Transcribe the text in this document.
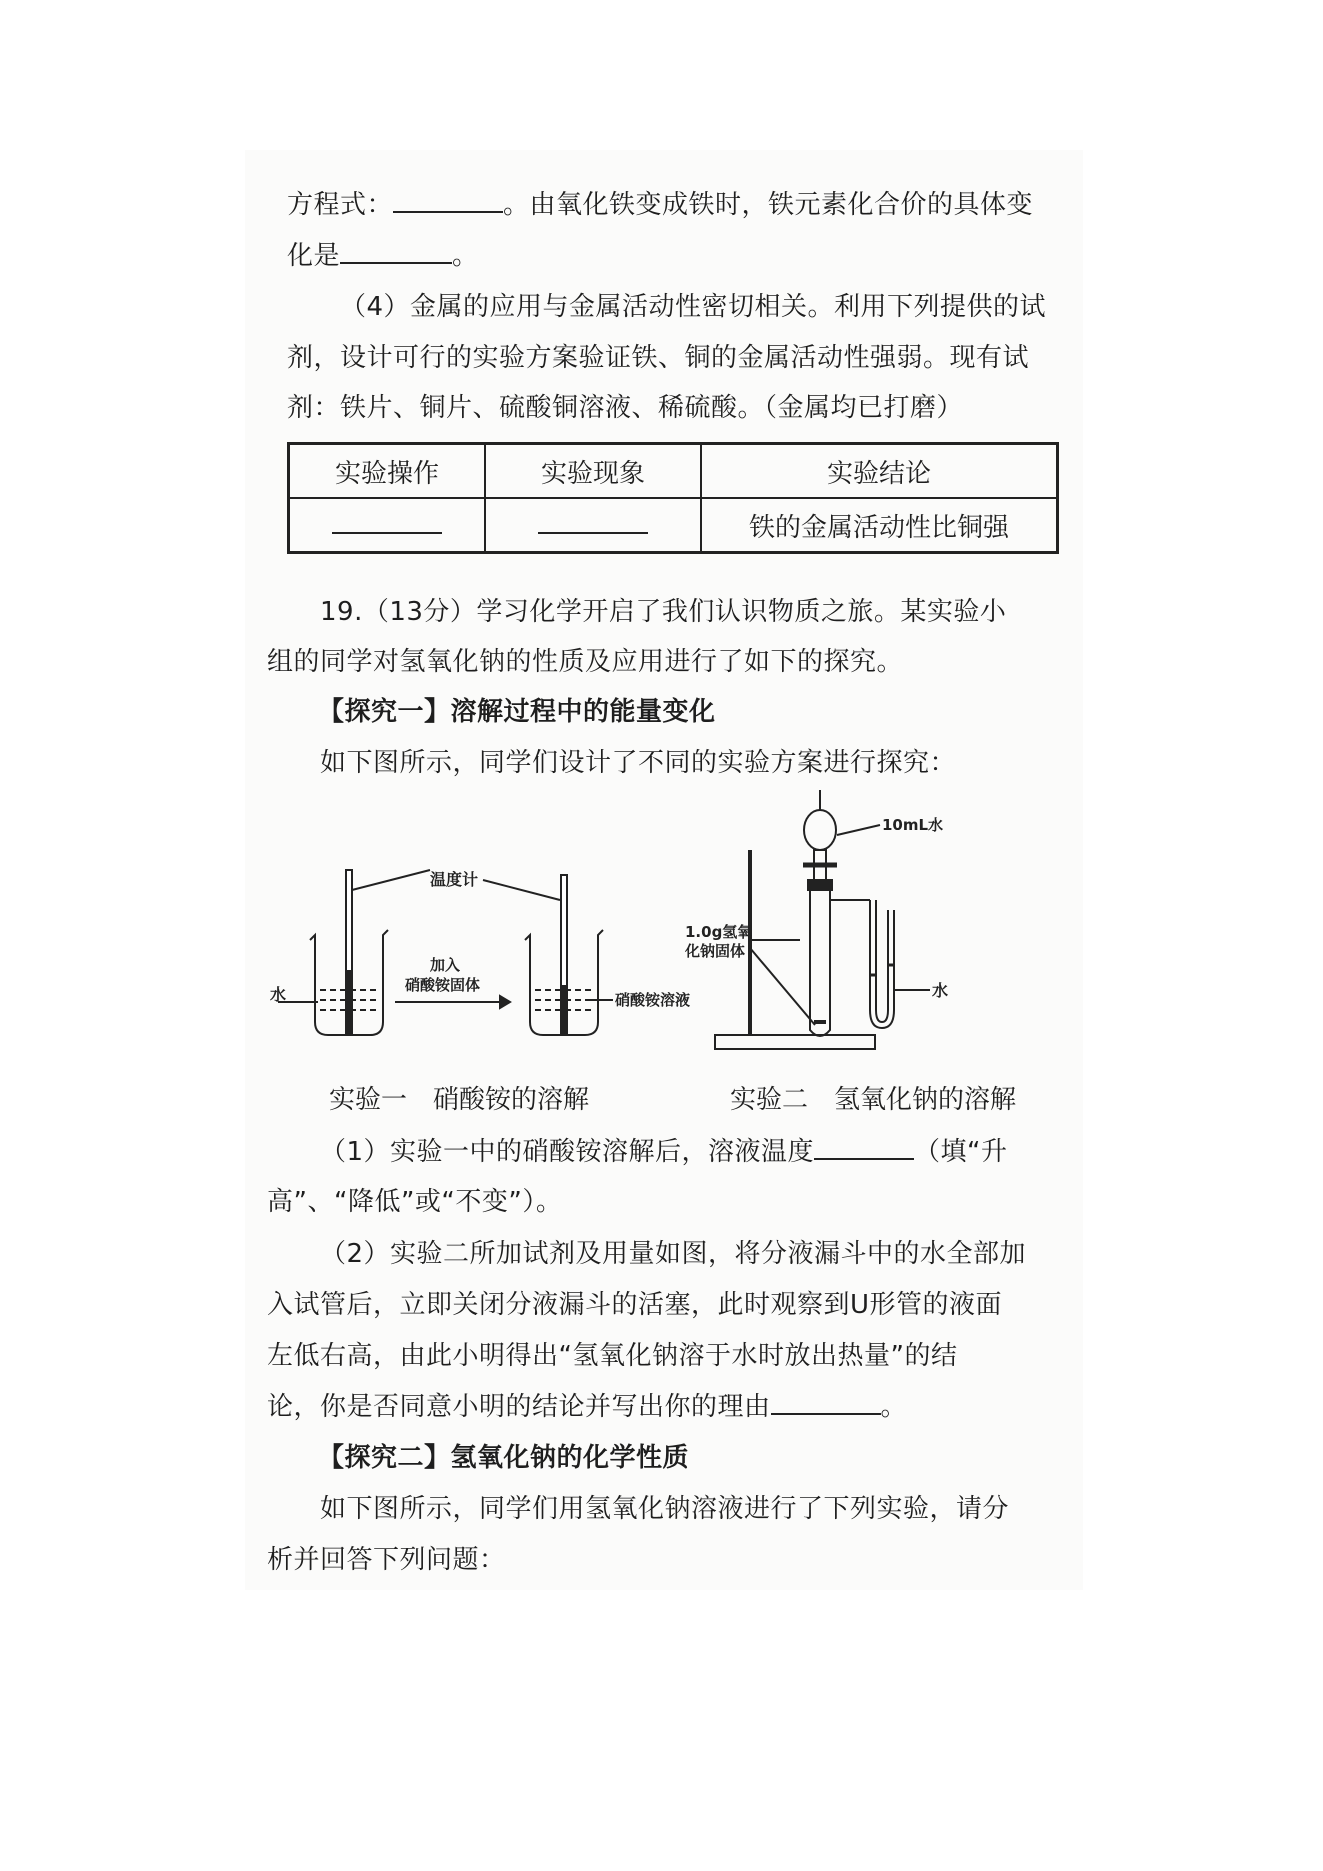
方程式：	。由氧化铁变成铁时，铁元素化合价的具体变
化是	。
（4）金属的应用与金属活动性密切相关。利用下列提供的试
剂，设计可行的实验方案验证铁、铜的金属活动性强弱。现有试
剂：铁片、铜片、硫酸铜溶液、稀硫酸。（金属均已打磨）
实验操作	实验现象	实验结论
		铁的金属活动性比铜强
19.（13分）学习化学开启了我们认识物质之旅。某实验小
组的同学对氢氧化钠的性质及应用进行了如下的探究。
【探究一】溶解过程中的能量变化
如下图所示，同学们设计了不同的实验方案进行探究：
温度计
水
加入
硝酸铵固体
硝酸铵溶液
10mL水
水
1.0g氢氧
化钠固体
实验一　硝酸铵的溶解	实验二　氢氧化钠的溶解
（1）实验一中的硝酸铵溶解后，溶液温度	（填“升
高”、“降低”或“不变”）。
（2）实验二所加试剂及用量如图，将分液漏斗中的水全部加
入试管后，立即关闭分液漏斗的活塞，此时观察到U形管的液面
左低右高，由此小明得出“氢氧化钠溶于水时放出热量”的结
论，你是否同意小明的结论并写出你的理由	。
【探究二】氢氧化钠的化学性质
如下图所示，同学们用氢氧化钠溶液进行了下列实验，请分
析并回答下列问题：
